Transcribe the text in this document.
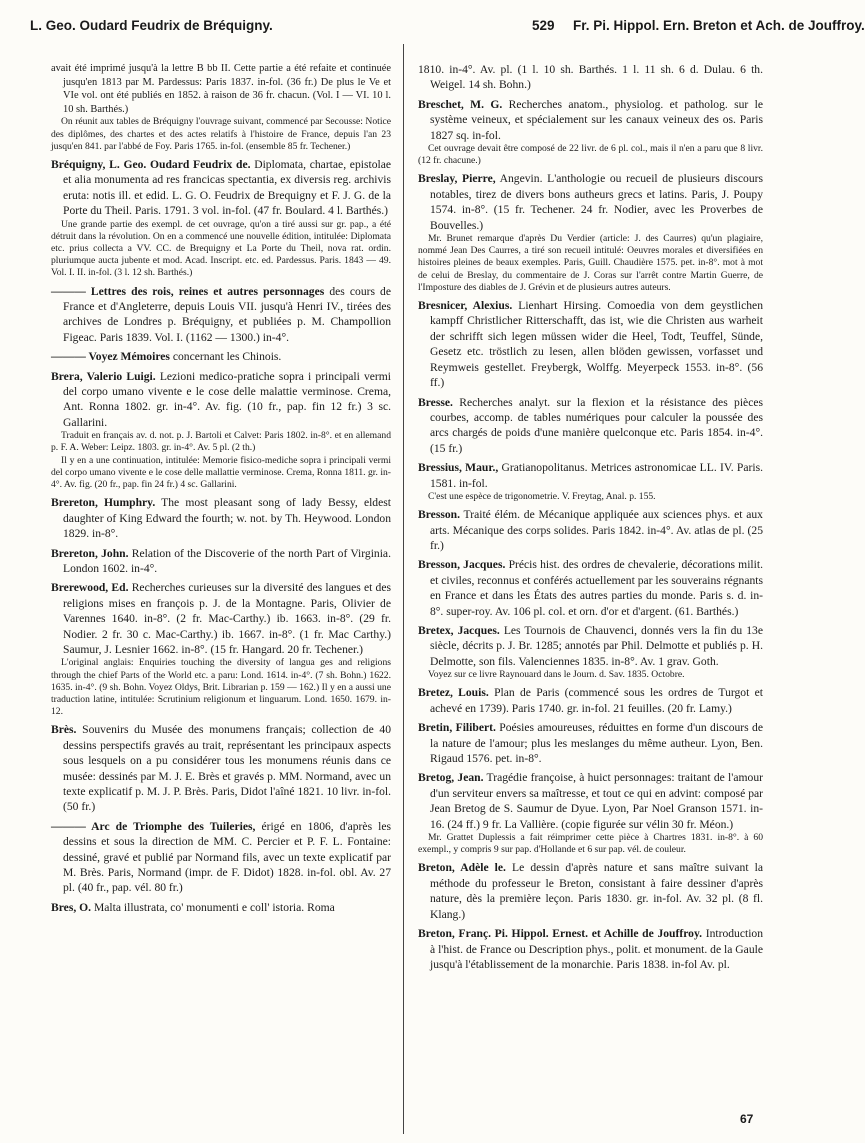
L. Geo. Oudard Feudrix de Bréquigny.	529 Fr. Pi. Hippol. Ern. Breton et Ach. de Jouffroy.
avait été imprimé jusqu'à la lettre B bb II. Cette partie a été refaite et continuée jusqu'en 1813 par M. Pardessus: Paris 1837. in-fol. (36 fr.) De plus le Ve et VIe vol. ont été publiés en 1852. à raison de 36 fr. chacun. (Vol. I — VI. 10 l. 10 sh. Barthés.)
On réunit aux tables de Bréquigny l'ouvrage suivant, commencé par Secousse: Notice des diplômes, des chartes et des actes relatifs à l'histoire de France, depuis l'an 23 jusqu'en 841. par l'abbé de Foy. Paris 1765. in-fol. (ensemble 85 fr. Techener.)
Bréquigny, L. Geo. Oudard Feudrix de. Diplomata, chartae, epistolae et alia monumenta ad res francicas spectantia, ex diversis reg. archivis eruta: notis ill. et edid. L. G. O. Feudrix de Brequigny et F. J. G. de la Porte du Theil. Paris. 1791. 3 vol. in-fol. (47 fr. Boulard. 4 l. Barthés.)
Une grande partie des exempl. de cet ouvrage, qu'on a tiré aussi sur gr. pap., a été détruit dans la révolution. On en a commencé une nouvelle édition, intitulée: Diplomata etc. prius collecta a VV. CC. de Brequigny et La Porte du Theil, nova rat. ordin. pluriumque aucta jubente et mod. Acad. Inscript. etc. ed. Pardessus. Paris. 1843 — 49. Vol. I. II. in-fol. (3 l. 12 sh. Barthés.)
——— Lettres des rois, reines et autres personnages des cours de France et d'Angleterre, depuis Louis VII. jusqu'à Henri IV., tirées des archives de Londres p. Bréquigny, et publiées p. M. Champollion Figeac. Paris 1839. Vol. I. (1162 — 1300.) in-4°.
——— Voyez Mémoires concernant les Chinois.
Brera, Valerio Luigi. Lezioni medico-pratiche sopra i principali vermi del corpo umano vivente e le cose delle malattie verminose. Crema, Ant. Ronna 1802. gr. in-4°. Av. fig. (10 fr., pap. fin 12 fr.) 3 sc. Gallarini.
Traduit en français av. d. not. p. J. Bartoli et Calvet: Paris 1802. in-8°. et en allemand p. F. A. Weber: Leipz. 1803. gr. in-4°. Av. 5 pl. (2 th.)
Il y en a une continuation, intitulée: Memorie fisico-mediche sopra i principali vermi del corpo umano vivente e le cose delle mallattie verminose. Crema, Ronna 1811. gr. in-4°. Av. fig. (20 fr., pap. fin 24 fr.) 4 sc. Gallarini.
Brereton, Humphry. The most pleasant song of lady Bessy, eldest daughter of King Edward the fourth; w. not. by Th. Heywood. London 1829. in-8°.
Brereton, John. Relation of the Discoverie of the north Part of Virginia. London 1602. in-4°.
Brerewood, Ed. Recherches curieuses sur la diversité des langues et des religions mises en françois p. J. de la Montagne. Paris, Olivier de Varennes 1640. in-8°. (2 fr. Mac-Carthy.) ib. 1663. in-8°. (29 fr. Nodier. 2 fr. 30 c. Mac-Carthy.) ib. 1667. in-8°. (1 fr. Mac Carthy.) Saumur, J. Lesnier 1662. in-8°. (15 fr. Hangard. 20 fr. Techener.)
L'original anglais: Enquiries touching the diversity of langua ges and religions through the chief Parts of the World etc. a paru: Lond. 1614. in-4°. (7 sh. Bohn.) 1622. 1635. in-4°. (9 sh. Bohn. Voyez Oldys, Brit. Librarian p. 159 — 162.) Il y en a aussi une traduction latine, intitulée: Scrutinium religionum et linguarum. Lond. 1650. 1679. in-12.
Brès. Souvenirs du Musée des monumens français; collection de 40 dessins perspectifs gravés au trait, représentant les principaux aspects sous lesquels on a pu considérer tous les monumens réunis dans ce musée: dessinés par M. J. E. Brès et gravés p. MM. Normand, avec un texte explicatif p. M. J. P. Brès. Paris, Didot l'aîné 1821. 10 livr. in-fol. (50 fr.)
——— Arc de Triomphe des Tuileries, érigé en 1806, d'après les dessins et sous la direction de MM. C. Percier et P. F. L. Fontaine: dessiné, gravé et publié par Normand fils, avec un texte explicatif par M. Brès. Paris, Normand (impr. de F. Didot) 1828. in-fol. obl. Av. 27 pl. (40 fr., pap. vél. 80 fr.)
Bres, O. Malta illustrata, co' monumenti e coll' istoria. Roma
1810. in-4°. Av. pl. (1 l. 10 sh. Barthés. 1 l. 11 sh. 6 d. Dulau. 6 th. Weigel. 14 sh. Bohn.)
Breschet, M. G. Recherches anatom., physiolog. et patholog. sur le système veineux, et spécialement sur les canaux veineux des os. Paris 1827 sq. in-fol.
Cet ouvrage devait être composé de 22 livr. de 6 pl. col., mais il n'en a paru que 8 livr. (12 fr. chacune.)
Breslay, Pierre, Angevin. L'anthologie ou recueil de plusieurs discours notables, tirez de divers bons autheurs grecs et latins. Paris, J. Poupy 1574. in-8°. (15 fr. Techener. 24 fr. Nodier, avec les Proverbes de Bouvelles.)
Mr. Brunet remarque d'après Du Verdier (article: J. des Caurres) qu'un plagiaire, nommé Jean Des Caurres, a tiré son recueil intitulé: Oeuvres morales et diversifiées en histoires pleines de beaux exemples. Paris, Guill. Chaudière 1575. pet. in-8°. mot à mot de celui de Breslay, du commentaire de J. Coras sur l'arrêt contre Martin Guerre, de l'Imposture des diables de J. Grévin et de plusieurs autres auteurs.
Bresnicer, Alexius. Lienhart Hirsing. Comoedia von dem geystlichen kampff Christlicher Ritterschafft, das ist, wie die Christen aus warheit der schrifft sich legen müssen wider die Heel, Todt, Teuffel, Sünde, Gesetz etc. tröstlich zu lesen, allen blöden gewissen, vorfasset und Reymweis gestellet. Freybergk, Wolffg. Meyerpeck 1553. in-8°. (56 ff.)
Bresse. Recherches analyt. sur la flexion et la résistance des pièces courbes, accomp. de tables numériques pour calculer la poussée des arcs chargés de poids d'une manière quelconque etc. Paris 1854. in-4°. (15 fr.)
Bressius, Maur., Gratianopolitanus. Metrices astronomicae LL. IV. Paris. 1581. in-fol.
C'est une espèce de trigonometrie. V. Freytag, Anal. p. 155.
Bresson. Traité élém. de Mécanique appliquée aux sciences phys. et aux arts. Mécanique des corps solides. Paris 1842. in-4°. Av. atlas de pl. (25 fr.)
Bresson, Jacques. Précis hist. des ordres de chevalerie, décorations milit. et civiles, reconnus et conférés actuellement par les souverains régnants en France et dans les États des autres parties du monde. Paris s. d. in-8°. super-roy. Av. 106 pl. col. et orn. d'or et d'argent. (61. Barthés.)
Bretex, Jacques. Les Tournois de Chauvenci, donnés vers la fin du 13e siècle, décrits p. J. Br. 1285; annotés par Phil. Delmotte et publiés p. H. Delmotte, son fils. Valenciennes 1835. in-8°. Av. 1 grav. Goth.
Voyez sur ce livre Raynouard dans le Journ. d. Sav. 1835. Octobre.
Bretez, Louis. Plan de Paris (commencé sous les ordres de Turgot et achevé en 1739). Paris 1740. gr. in-fol. 21 feuilles. (20 fr. Lamy.)
Bretin, Filibert. Poésies amoureuses, réduittes en forme d'un discours de la nature de l'amour; plus les meslanges du même autheur. Lyon, Ben. Rigaud 1576. pet. in-8°.
Bretog, Jean. Tragédie françoise, à huict personnages: traitant de l'amour d'un serviteur envers sa maîtresse, et tout ce qui en advint: composé par Jean Bretog de S. Saumur de Dyue. Lyon, Par Noel Granson 1571. in-16. (24 ff.) 9 fr. La Vallière. (copie figurée sur vélin 30 fr. Méon.)
Mr. Grattet Duplessis a fait réimprimer cette pièce à Chartres 1831. in-8°. à 60 exempl., y compris 9 sur pap. d'Hollande et 6 sur pap. vél. de couleur.
Breton, Adèle le. Le dessin d'après nature et sans maître suivant la méthode du professeur le Breton, consistant à faire dessiner d'après nature, dès la première leçon. Paris 1830. gr. in-fol. Av. 32 pl. (8 fl. Klang.)
Breton, Franç. Pi. Hippol. Ernest. et Achille de Jouffroy. Introduction à l'hist. de France ou Description phys., polit. et monument. de la Gaule jusqu'à l'établissement de la monarchie. Paris 1838. in-fol Av. pl.
67
